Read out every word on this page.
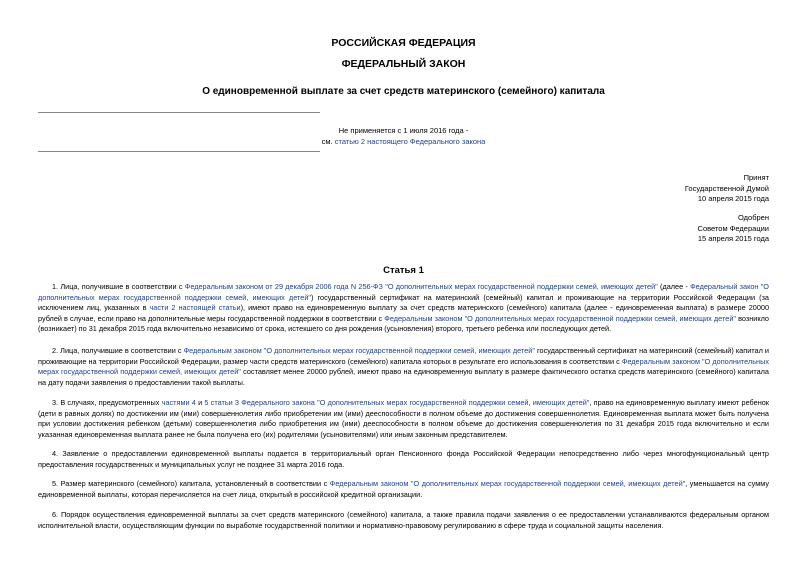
РОССИЙСКАЯ ФЕДЕРАЦИЯ
ФЕДЕРАЛЬНЫЙ ЗАКОН
О единовременной выплате за счет средств материнского (семейного) капитала
Не применяется с 1 июля 2016 года -
см. статью 2 настоящего Федерального закона
Принят
Государственной Думой
10 апреля 2015 года
Одобрен
Советом Федерации
15 апреля 2015 года
Статья 1
1. Лица, получившие в соответствии с Федеральным законом от 29 декабря 2006 года N 256-ФЗ "О дополнительных мерах государственной поддержки семей, имеющих детей" (далее - Федеральный закон "О дополнительных мерах государственной поддержки семей, имеющих детей") государственный сертификат на материнский (семейный) капитал и проживающие на территории Российской Федерации (за исключением лиц, указанных в части 2 настоящей статьи), имеют право на единовременную выплату за счет средств материнского (семейного) капитала (далее - единовременная выплата) в размере 20000 рублей в случае, если право на дополнительные меры государственной поддержки в соответствии с Федеральным законом "О дополнительных мерах государственной поддержки семей, имеющих детей" возникло (возникает) по 31 декабря 2015 года включительно независимо от срока, истекшего со дня рождения (усыновления) второго, третьего ребенка или последующих детей.
2. Лица, получившие в соответствии с Федеральным законом "О дополнительных мерах государственной поддержки семей, имеющих детей" государственный сертификат на материнский (семейный) капитал и проживающие на территории Российской Федерации, размер части средств материнского (семейного) капитала которых в результате его использования в соответствии с Федеральным законом "О дополнительных мерах государственной поддержки семей, имеющих детей" составляет менее 20000 рублей, имеют право на единовременную выплату в размере фактического остатка средств материнского (семейного) капитала на дату подачи заявления о предоставлении такой выплаты.
3. В случаях, предусмотренных частями 4 и 5 статьи 3 Федерального закона "О дополнительных мерах государственной поддержки семей, имеющих детей", право на единовременную выплату имеют ребенок (дети в равных долях) по достижении им (ими) совершеннолетия либо приобретении им (ими) дееспособности в полном объеме до достижения совершеннолетия. Единовременная выплата может быть получена при условии достижения ребенком (детьми) совершеннолетия либо приобретения им (ими) дееспособности в полном объеме до достижения совершеннолетия по 31 декабря 2015 года включительно и если указанная единовременная выплата ранее не была получена его (их) родителями (усыновителями) или иным законным представителем.
4. Заявление о предоставлении единовременной выплаты подается в территориальный орган Пенсионного фонда Российской Федерации непосредственно либо через многофункциональный центр предоставления государственных и муниципальных услуг не позднее 31 марта 2016 года.
5. Размер материнского (семейного) капитала, установленный в соответствии с Федеральным законом "О дополнительных мерах государственной поддержки семей, имеющих детей", уменьшается на сумму единовременной выплаты, которая перечисляется на счет лица, открытый в российской кредитной организации.
6. Порядок осуществления единовременной выплаты за счет средств материнского (семейного) капитала, а также правила подачи заявления о ее предоставлении устанавливаются федеральным органом исполнительной власти, осуществляющим функции по выработке государственной политики и нормативно-правовому регулированию в сфере труда и социальной защиты населения.
